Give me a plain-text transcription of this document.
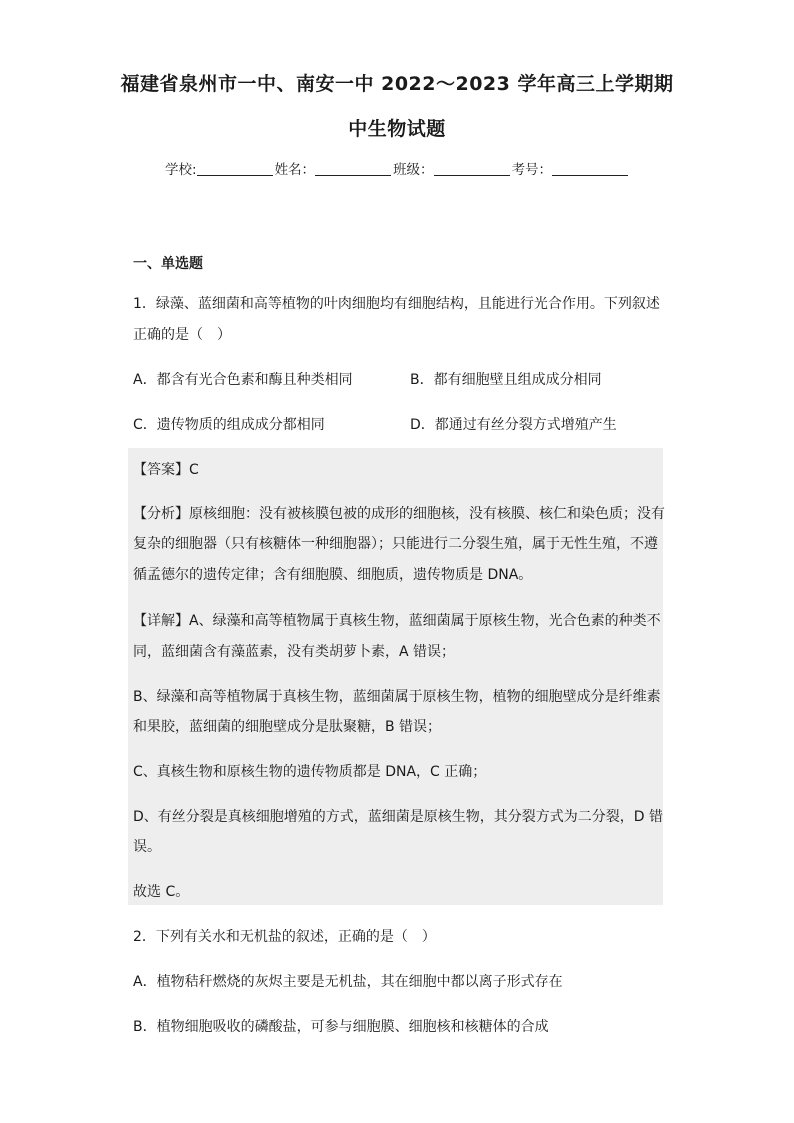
福建省泉州市一中、南安一中 2022～2023 学年高三上学期期
中生物试题
学校:	姓名：	班级：	考号：
一、单选题
1．绿藻、蓝细菌和高等植物的叶肉细胞均有细胞结构，且能进行光合作用。下列叙述
正确的是（　）
A．都含有光合色素和酶且种类相同	B．都有细胞壁且组成成分相同
C．遗传物质的组成成分都相同	D．都通过有丝分裂方式增殖产生
【答案】C
【分析】原核细胞：没有被核膜包被的成形的细胞核，没有核膜、核仁和染色质；没有
复杂的细胞器（只有核糖体一种细胞器）；只能进行二分裂生殖，属于无性生殖，不遵
循孟德尔的遗传定律；含有细胞膜、细胞质，遗传物质是 DNA。
【详解】A、绿藻和高等植物属于真核生物，蓝细菌属于原核生物，光合色素的种类不
同，蓝细菌含有藻蓝素，没有类胡萝卜素，A 错误；
B、绿藻和高等植物属于真核生物，蓝细菌属于原核生物，植物的细胞壁成分是纤维素
和果胶，蓝细菌的细胞壁成分是肽聚糖，B 错误；
C、真核生物和原核生物的遗传物质都是 DNA，C 正确；
D、有丝分裂是真核细胞增殖的方式，蓝细菌是原核生物，其分裂方式为二分裂，D 错
误。
故选 C。
2．下列有关水和无机盐的叙述，正确的是（　）
A．植物秸秆燃烧的灰烬主要是无机盐，其在细胞中都以离子形式存在
B．植物细胞吸收的磷酸盐，可参与细胞膜、细胞核和核糖体的合成
